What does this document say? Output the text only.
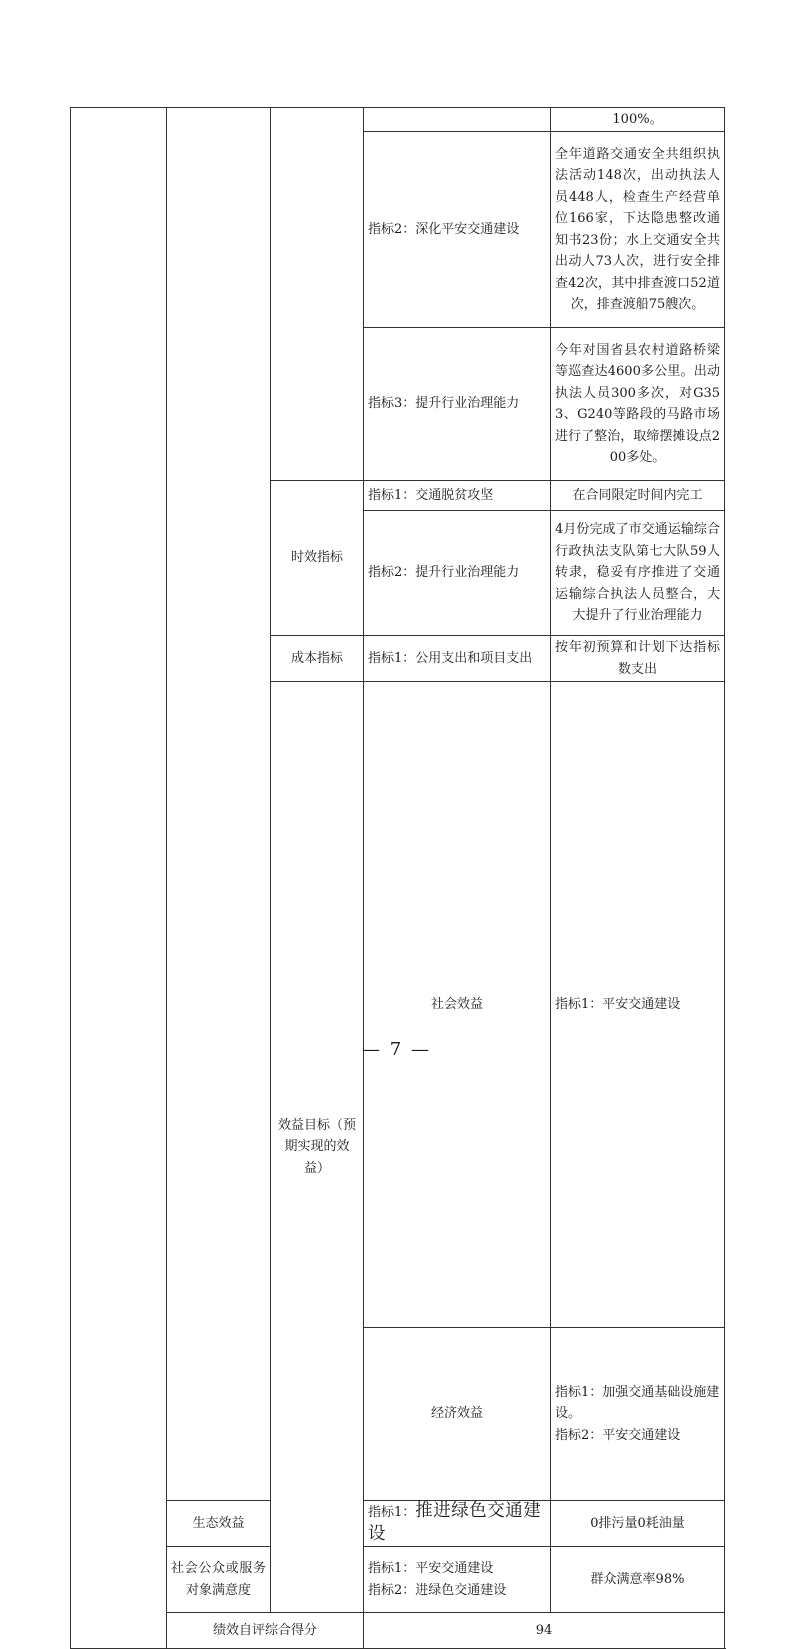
				100%。	
			指标2：深化平安交通建设	全年道路交通安全共组织执法活动148次，出动执法人员448人，检查生产经营单位166家，下达隐患整改通知书23份；水上交通安全共出动人73人次，进行安全排查42次，其中排查渡口52道次，排查渡船75艘次。	
			指标3：提升行业治理能力	今年对国省县农村道路桥梁等巡查达4600多公里。出动执法人员300多次，对G353、G240等路段的马路市场进行了整治，取缔摆摊设点200多处。	
		时效指标	指标1：交通脱贫攻坚	在合同限定时间内完工	
			指标2：提升行业治理能力	4月份完成了市交通运输综合行政执法支队第七大队59人转隶，稳妥有序推进了交通运输综合执法人员整合，大大提升了行业治理能力	
		成本指标	指标1：公用支出和项目支出	按年初预算和计划下达指标数支出	
		效益目标（预期实现的效益）	社会效益	指标1：平安交通建设	
			经济效益	指标1：加强交通基础设施建设。
指标2：平安交通建设

	生态效益		指标1：推进绿色交通建设	0排污量0耗油量	
	社会公众或服务对象满意度		指标1：平安交通建设
指标2：进绿色交通建设	群众满意率98%	
	绩效自评综合得分		94		
— 7 —
